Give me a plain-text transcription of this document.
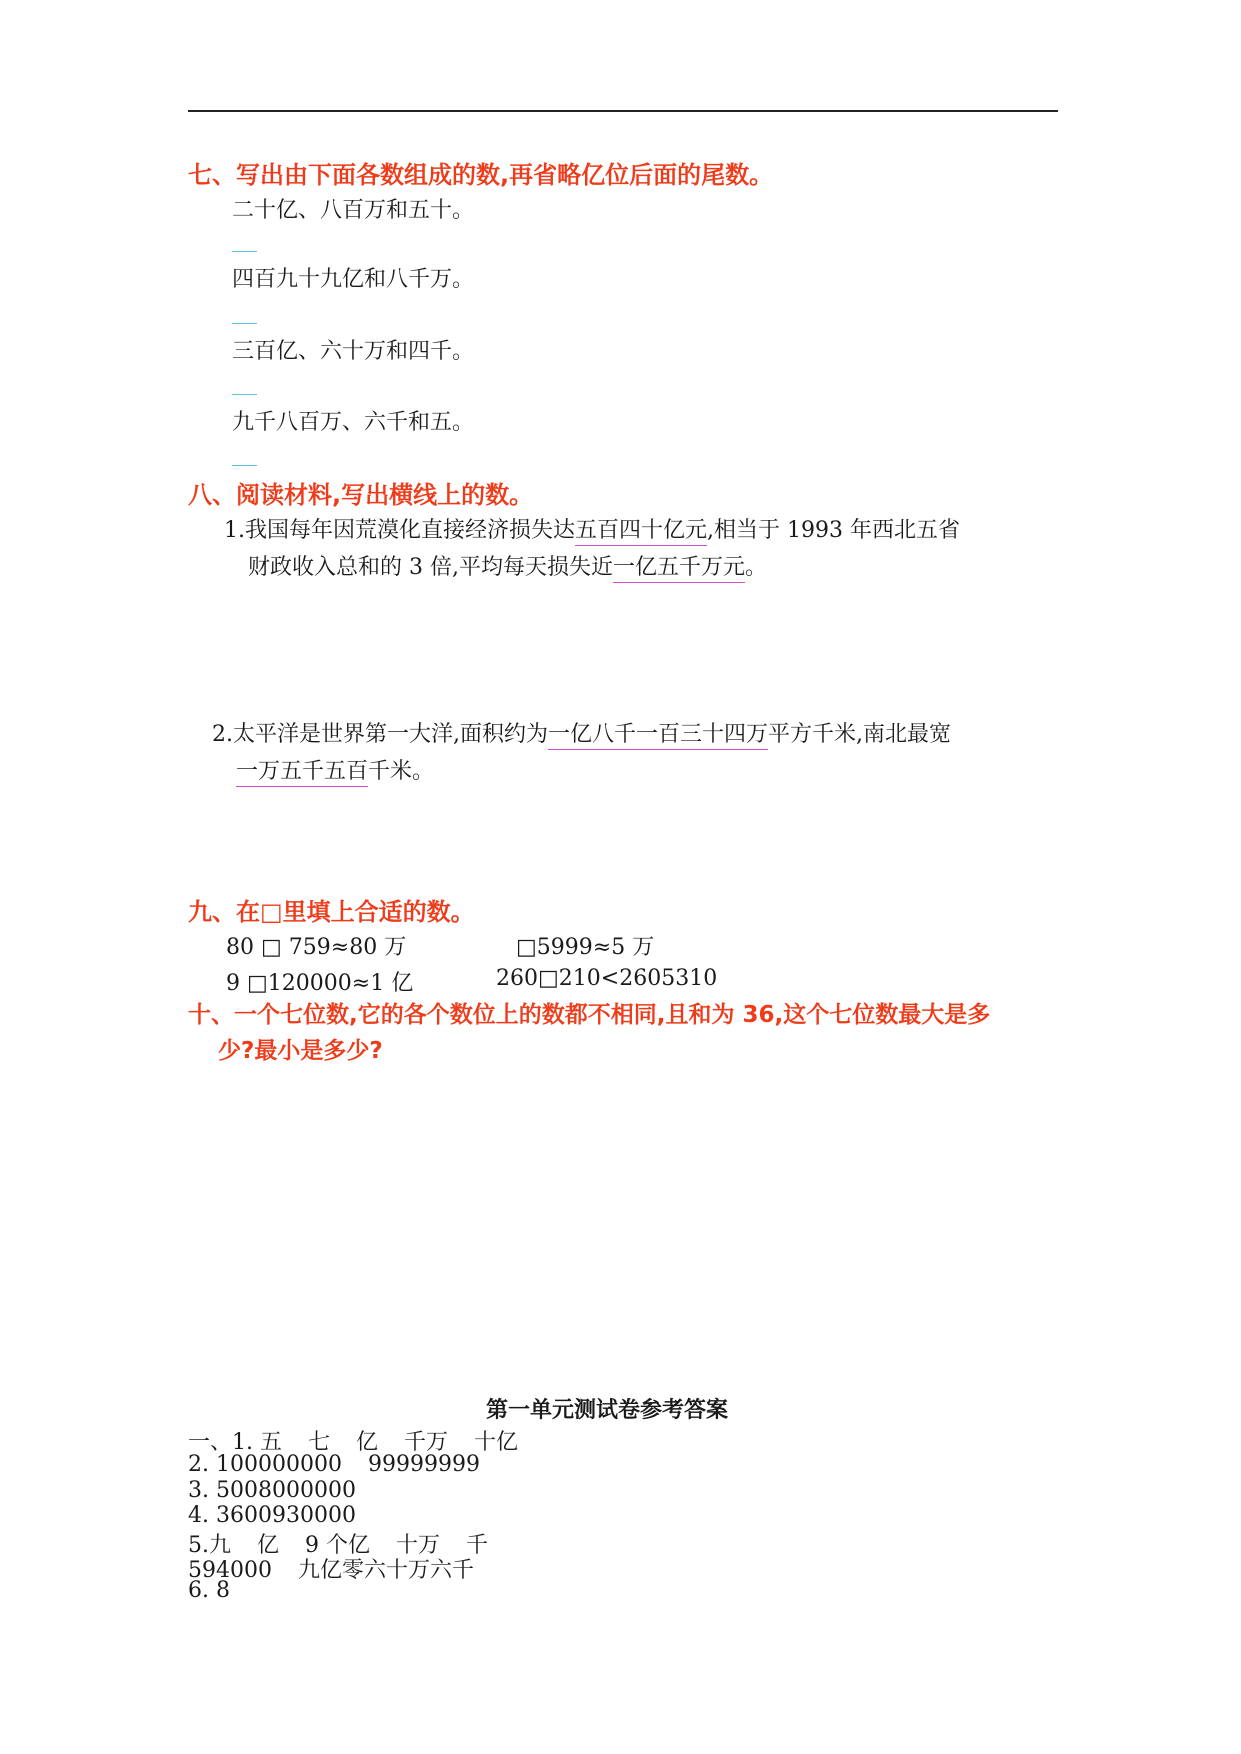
七、写出由下面各数组成的数,再省略亿位后面的尾数。
二十亿、八百万和五十。
四百九十九亿和八千万。
三百亿、六十万和四千。
九千八百万、六千和五。
八、阅读材料,写出横线上的数。
1.我国每年因荒漠化直接经济损失达五百四十亿元,相当于 1993 年西北五省
财政收入总和的 3 倍,平均每天损失近一亿五千万元。
2.太平洋是世界第一大洋,面积约为一亿八千一百三十四万平方千米,南北最宽
一万五千五百千米。
九、在□里填上合适的数。
80 □ 759≈80 万	□5999≈5 万
9 □120000≈1 亿	260□210<2605310
十、一个七位数,它的各个数位上的数都不相同,且和为 36,这个七位数最大是多
少?最小是多少?
第一单元测试卷参考答案
一、1. 五 七 亿 千万 十亿
2. 100000000 99999999
3. 5008000000
4. 3600930000
5.九 亿 9 个亿 十万 千
594000 九亿零六十万六千
6. 8
